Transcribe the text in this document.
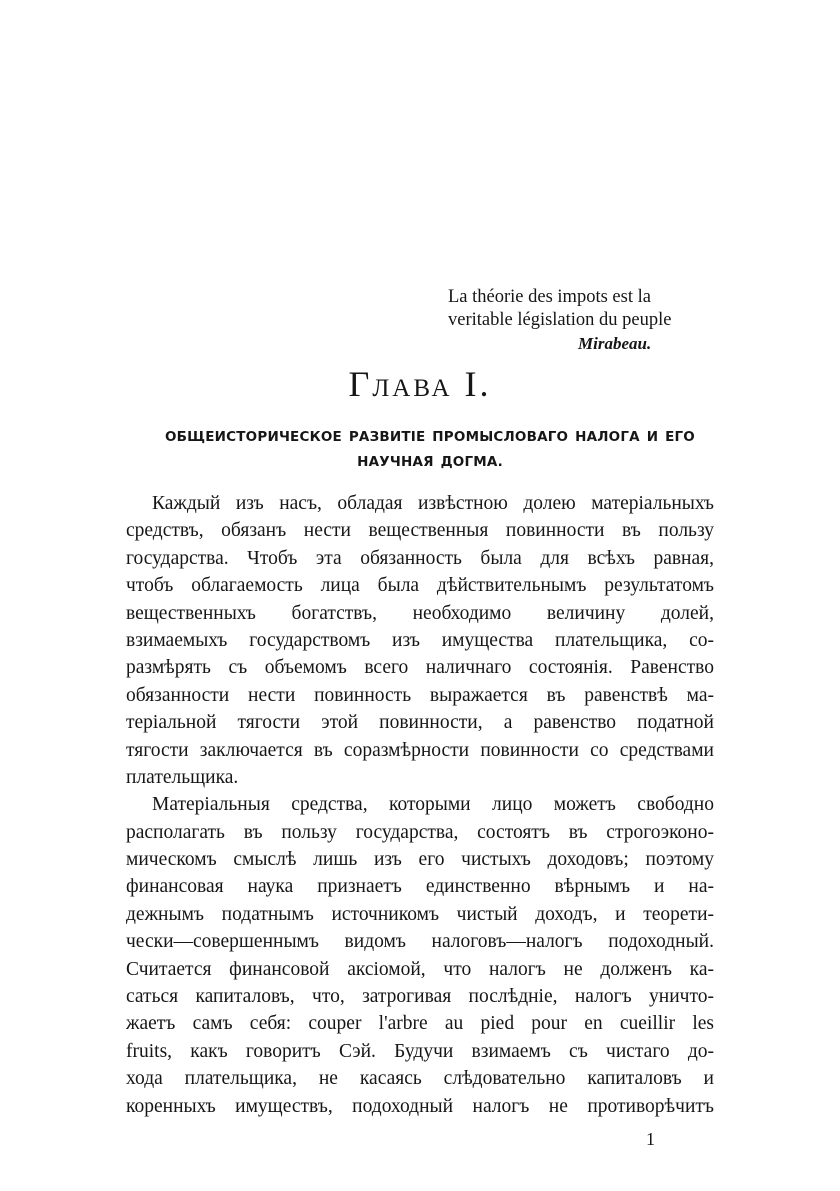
La théorie des impots est la
veritable législation du peuple
Mirabeau.
Глава I.
ОБЩЕИСТОРИЧЕСКОЕ РАЗВИТІЕ ПРОМЫСЛОВАГО НАЛОГА И ЕГО
НАУЧНАЯ ДОГМА.
Каждый изъ насъ, обладая извѣстною долею матеріальныхъ
средствъ, обязанъ нести вещественныя повинности въ пользу
государства. Чтобъ эта обязанность была для всѣхъ равная,
чтобъ облагаемость лица была дѣйствительнымъ результатомъ
вещественныхъ богатствъ, необходимо величину долей,
взимаемыхъ государствомъ изъ имущества плательщика, со-
размѣрять съ объемомъ всего наличнаго состоянія. Равенство
обязанности нести повинность выражается въ равенствѣ ма-
теріальной тягости этой повинности, а равенство податной
тягости заключается въ соразмѣрности повинности со средствами
плательщика.
Матеріальныя средства, которыми лицо можетъ свободно
располагать въ пользу государства, состоятъ въ строгоэконо-
мическомъ смыслѣ лишь изъ его чистыхъ доходовъ; поэтому
финансовая наука признаетъ единственно вѣрнымъ и на-
дежнымъ податнымъ источникомъ чистый доходъ, и теорети-
чески—совершеннымъ видомъ налоговъ—налогъ подоходный.
Считается финансовой аксіомой, что налогъ не долженъ ка-
саться капиталовъ, что, затрогивая послѣдніе, налогъ уничто-
жаетъ самъ себя: couper l'arbre au pied pour en cueillir les
fruits, какъ говоритъ Сэй. Будучи взимаемъ съ чистаго до-
хода плательщика, не касаясь слѣдовательно капиталовъ и
коренныхъ имуществъ, подоходный налогъ не противорѣчитъ
1
